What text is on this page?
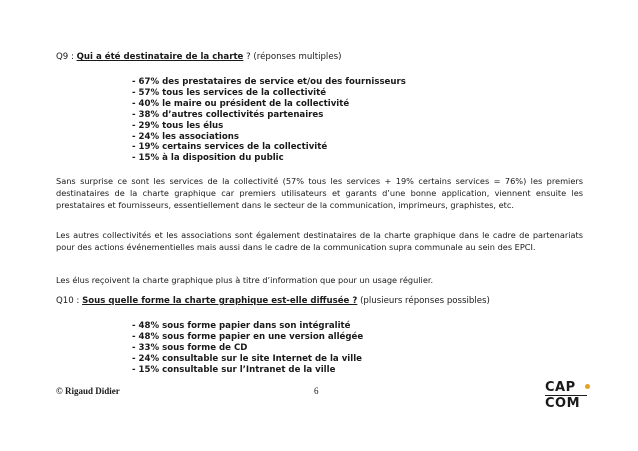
Q9 : Qui a été destinataire de la charte ? (réponses multiples)
- 67% des prestataires de service et/ou des fournisseurs
- 57% tous les services de la collectivité
- 40% le maire ou président de la collectivité
- 38% d’autres collectivités partenaires
- 29% tous les élus
- 24% les associations
- 19% certains services de la collectivité
- 15% à la disposition du public

Sans surprise ce sont les services de la collectivité (57% tous les services + 19% certains services = 76%) les premiers destinataires de la charte graphique car premiers utilisateurs et garants d’une bonne application, viennent ensuite les prestataires et fournisseurs, essentiellement dans le secteur de la communication, imprimeurs, graphistes, etc.

Les autres collectivités et les associations sont également destinataires de la charte graphique dans le cadre de partenariats pour des actions événementielles mais aussi dans le cadre de la communication supra communale au sein des EPCI.

Les élus reçoivent la charte graphique plus à titre d’information que pour un usage régulier.

Q10 : Sous quelle forme la charte graphique est-elle diffusée ? (plusieurs réponses possibles)
- 48% sous forme papier dans son intégralité
- 48% sous forme papier en une version allégée
- 33% sous forme de CD
- 24% consultable sur le site Internet de la ville
- 15% consultable sur l’Intranet de la ville
© Rigaud Didier	6	CAP
COM
